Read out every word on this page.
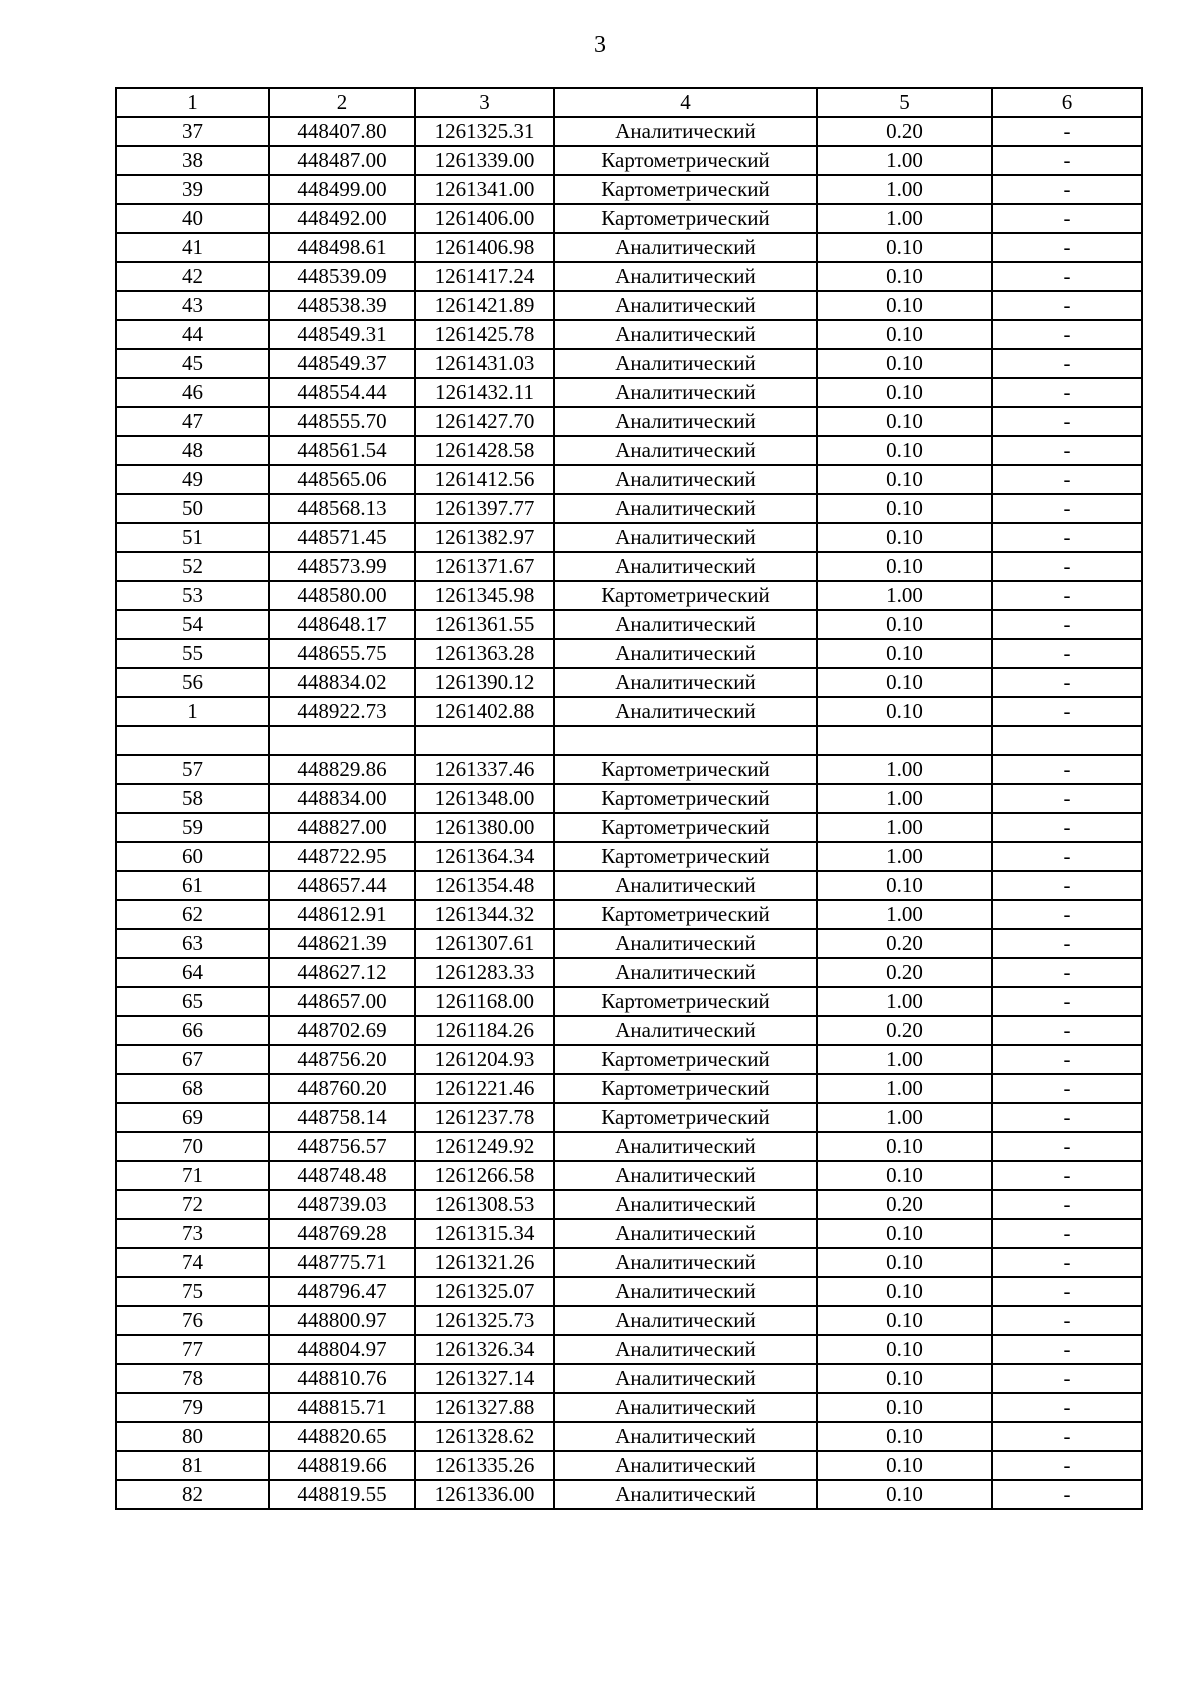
3
1	2	3	4	5	6
37	448407.80	1261325.31	Аналитический	0.20	-
38	448487.00	1261339.00	Картометрический	1.00	-
39	448499.00	1261341.00	Картометрический	1.00	-
40	448492.00	1261406.00	Картометрический	1.00	-
41	448498.61	1261406.98	Аналитический	0.10	-
42	448539.09	1261417.24	Аналитический	0.10	-
43	448538.39	1261421.89	Аналитический	0.10	-
44	448549.31	1261425.78	Аналитический	0.10	-
45	448549.37	1261431.03	Аналитический	0.10	-
46	448554.44	1261432.11	Аналитический	0.10	-
47	448555.70	1261427.70	Аналитический	0.10	-
48	448561.54	1261428.58	Аналитический	0.10	-
49	448565.06	1261412.56	Аналитический	0.10	-
50	448568.13	1261397.77	Аналитический	0.10	-
51	448571.45	1261382.97	Аналитический	0.10	-
52	448573.99	1261371.67	Аналитический	0.10	-
53	448580.00	1261345.98	Картометрический	1.00	-
54	448648.17	1261361.55	Аналитический	0.10	-
55	448655.75	1261363.28	Аналитический	0.10	-
56	448834.02	1261390.12	Аналитический	0.10	-
1	448922.73	1261402.88	Аналитический	0.10	-

57	448829.86	1261337.46	Картометрический	1.00	-
58	448834.00	1261348.00	Картометрический	1.00	-
59	448827.00	1261380.00	Картометрический	1.00	-
60	448722.95	1261364.34	Картометрический	1.00	-
61	448657.44	1261354.48	Аналитический	0.10	-
62	448612.91	1261344.32	Картометрический	1.00	-
63	448621.39	1261307.61	Аналитический	0.20	-
64	448627.12	1261283.33	Аналитический	0.20	-
65	448657.00	1261168.00	Картометрический	1.00	-
66	448702.69	1261184.26	Аналитический	0.20	-
67	448756.20	1261204.93	Картометрический	1.00	-
68	448760.20	1261221.46	Картометрический	1.00	-
69	448758.14	1261237.78	Картометрический	1.00	-
70	448756.57	1261249.92	Аналитический	0.10	-
71	448748.48	1261266.58	Аналитический	0.10	-
72	448739.03	1261308.53	Аналитический	0.20	-
73	448769.28	1261315.34	Аналитический	0.10	-
74	448775.71	1261321.26	Аналитический	0.10	-
75	448796.47	1261325.07	Аналитический	0.10	-
76	448800.97	1261325.73	Аналитический	0.10	-
77	448804.97	1261326.34	Аналитический	0.10	-
78	448810.76	1261327.14	Аналитический	0.10	-
79	448815.71	1261327.88	Аналитический	0.10	-
80	448820.65	1261328.62	Аналитический	0.10	-
81	448819.66	1261335.26	Аналитический	0.10	-
82	448819.55	1261336.00	Аналитический	0.10	-
